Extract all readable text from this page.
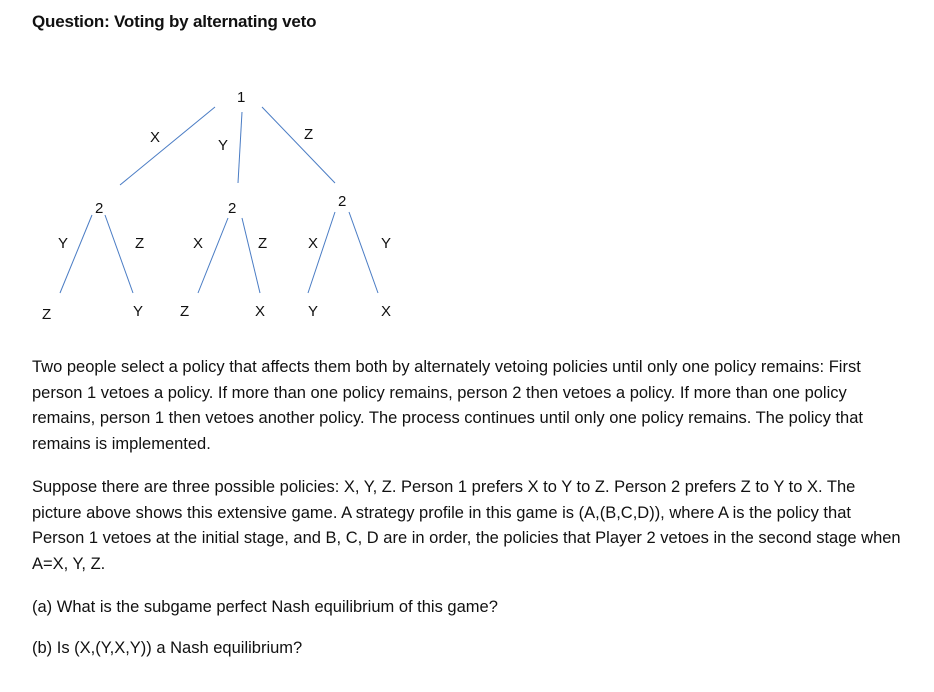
Question: Voting by alternating veto
1
X	Y
Z
2	2	2
Y	Z	X	Z	X	Y
Z	Y Z	X	Y	X

Two people select a policy that affects them both by alternately vetoing policies until only one policy remains: First person 1 vetoes a policy. If more than one policy remains, person 2 then vetoes a policy. If more than one policy remains, person 1 then vetoes another policy. The process continues until only one policy remains. The policy that remains is implemented.

Suppose there are three possible policies: X, Y, Z. Person 1 prefers X to Y to Z. Person 2 prefers Z to Y to X. The picture above shows this extensive game. A strategy profile in this game is (A,(B,C,D)), where A is the policy that Person 1 vetoes at the initial stage, and B, C, D are in order, the policies that Player 2 vetoes in the second stage when A=X, Y, Z.

(a) What is the subgame perfect Nash equilibrium of this game?

(b) Is (X,(Y,X,Y)) a Nash equilibrium?
